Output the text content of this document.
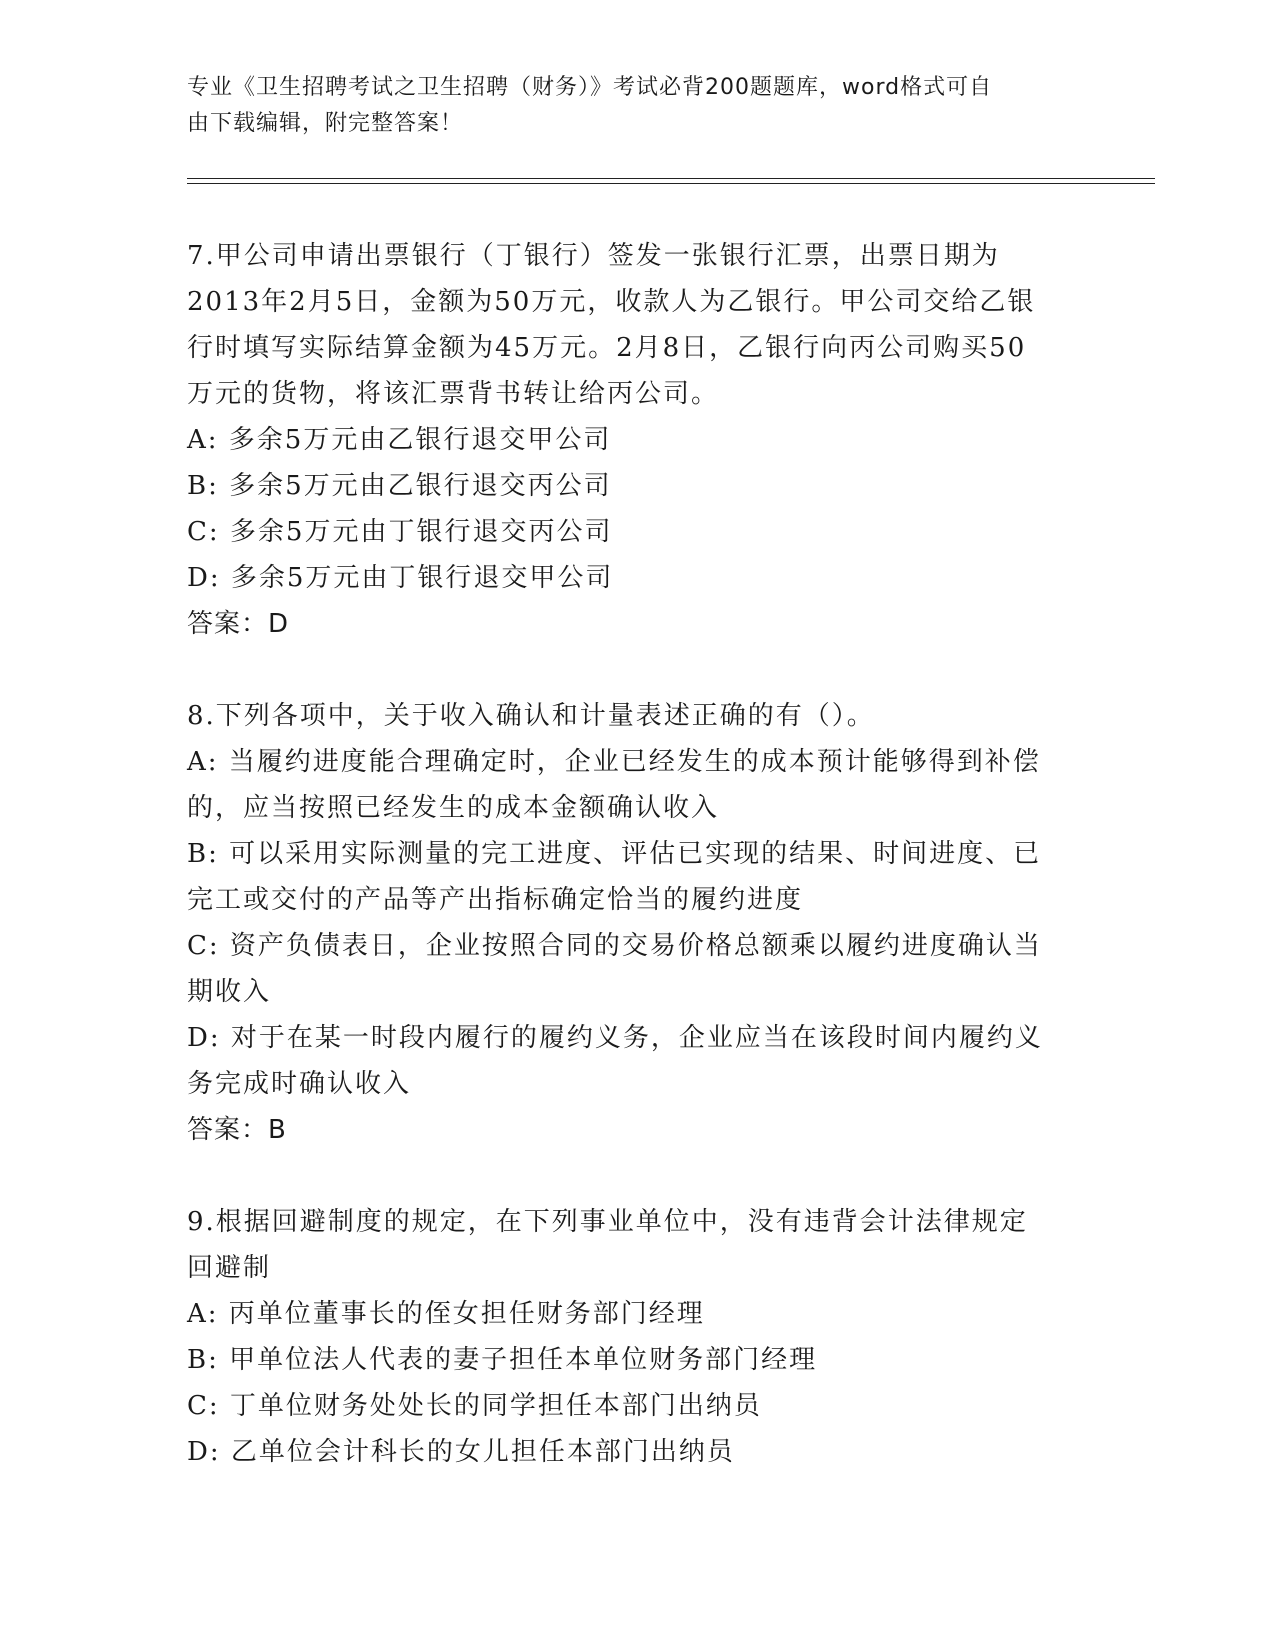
专业《卫生招聘考试之卫生招聘（财务）》考试必背200题题库，word格式可自
由下载编辑，附完整答案！
7.甲公司申请出票银行（丁银行）签发一张银行汇票，出票日期为
2013年2月5日，金额为50万元，收款人为乙银行。甲公司交给乙银
行时填写实际结算金额为45万元。2月8日，乙银行向丙公司购买50
万元的货物，将该汇票背书转让给丙公司。
A: 多余5万元由乙银行退交甲公司
B: 多余5万元由乙银行退交丙公司
C: 多余5万元由丁银行退交丙公司
D: 多余5万元由丁银行退交甲公司
答案：D
8.下列各项中，关于收入确认和计量表述正确的有（）。
A: 当履约进度能合理确定时，企业已经发生的成本预计能够得到补偿
的，应当按照已经发生的成本金额确认收入
B: 可以采用实际测量的完工进度、评估已实现的结果、时间进度、已
完工或交付的产品等产出指标确定恰当的履约进度
C: 资产负债表日，企业按照合同的交易价格总额乘以履约进度确认当
期收入
D: 对于在某一时段内履行的履约义务，企业应当在该段时间内履约义
务完成时确认收入
答案：B
9.根据回避制度的规定，在下列事业单位中，没有违背会计法律规定
回避制
A: 丙单位董事长的侄女担任财务部门经理
B: 甲单位法人代表的妻子担任本单位财务部门经理
C: 丁单位财务处处长的同学担任本部门出纳员
D: 乙单位会计科长的女儿担任本部门出纳员
